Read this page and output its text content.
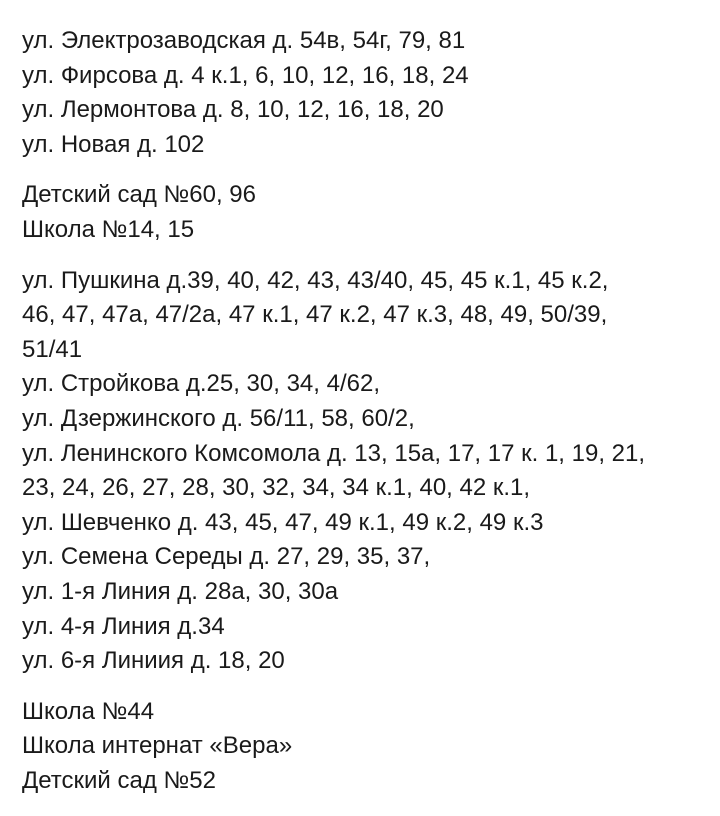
ул. Электрозаводская д. 54в, 54г, 79, 81
ул. Фирсова д. 4 к.1, 6, 10, 12, 16, 18, 24
ул. Лермонтова д. 8, 10, 12, 16, 18, 20
ул. Новая д. 102
Детский сад №60, 96
Школа №14, 15
ул. Пушкина д.39, 40, 42, 43, 43/40, 45, 45 к.1, 45 к.2,
46, 47, 47а, 47/2а, 47 к.1, 47 к.2, 47 к.3, 48, 49, 50/39,
51/41
ул. Стройкова д.25, 30, 34, 4/62,
ул. Дзержинского д. 56/11, 58, 60/2,
ул. Ленинского Комсомола д. 13, 15а, 17, 17 к. 1, 19, 21,
23, 24, 26, 27, 28, 30, 32, 34, 34 к.1, 40, 42 к.1,
ул. Шевченко д. 43, 45, 47, 49 к.1, 49 к.2, 49 к.3
ул. Семена Середы д. 27, 29, 35, 37,
ул. 1-я Линия д. 28а, 30, 30а
ул. 4-я Линия д.34
ул. 6-я Линиия д. 18, 20
Школа №44
Школа интернат «Вера»
Детский сад №52
